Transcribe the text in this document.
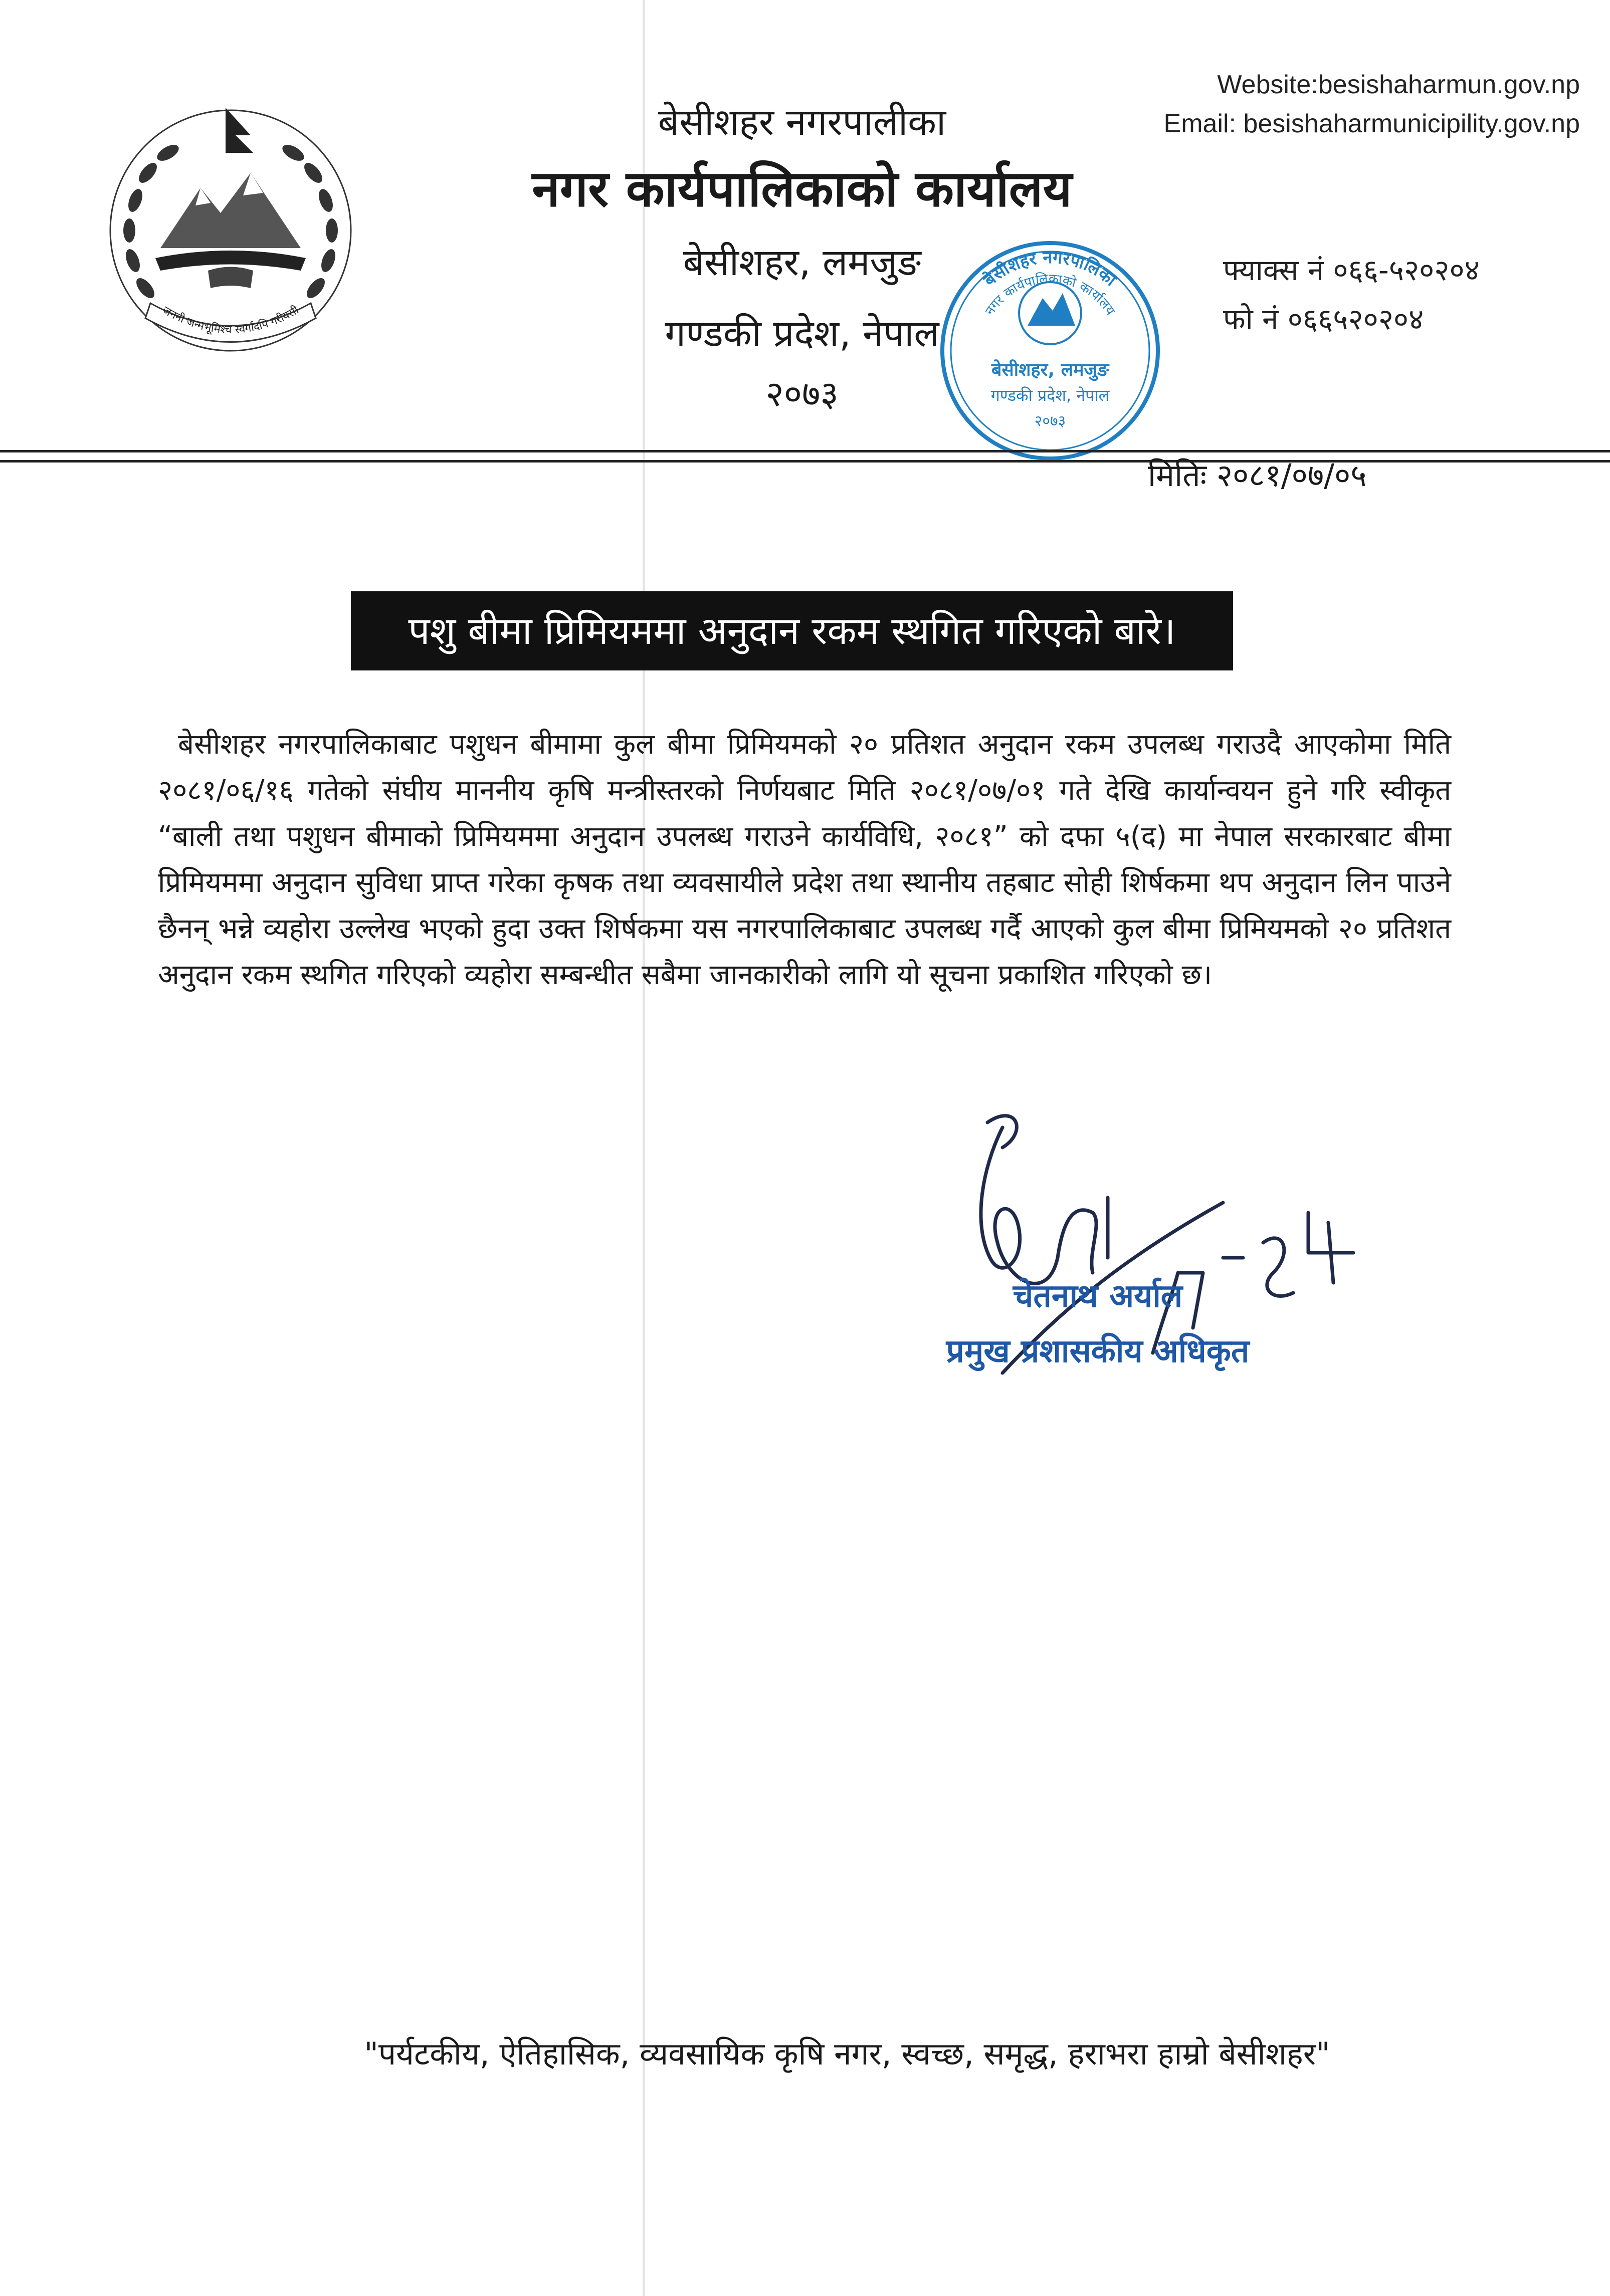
जननी जन्मभूमिश्च स्वर्गादपि गरीयसी
बेसीशहर नगरपालीका
नगर कार्यपालिकाको कार्यालय
बेसीशहर, लमजुङ
गण्डकी प्रदेश, नेपाल
२०७३
Website:besishaharmun.gov.np
Email: besishaharmunicipility.gov.np
बेसीशहर नगरपालिका
नगर कार्यपालिकाको कार्यालय
बेसीशहर, लमजुङ
गण्डकी प्रदेश, नेपाल
२०७३
फ्याक्स नं ०६६-५२०२०४
फो नं ०६६५२०२०४
मितिः २०८१/०७/०५
पशु बीमा प्रिमियममा अनुदान रकम स्थगित गरिएको बारे।
बेसीशहर नगरपालिकाबाट पशुधन बीमामा कुल बीमा प्रिमियमको २० प्रतिशत अनुदान रकम उपलब्ध गराउदै आएकोमा मिति २०८१/०६/१६ गतेको संघीय माननीय कृषि मन्त्रीस्तरको निर्णयबाट मिति २०८१/०७/०१ गते देखि कार्यान्वयन हुने गरि स्वीकृत “बाली तथा पशुधन बीमाको प्रिमियममा अनुदान उपलब्ध गराउने कार्यविधि, २०८१” को दफा ५(द) मा नेपाल सरकारबाट बीमा प्रिमियममा अनुदान सुविधा प्राप्त गरेका कृषक तथा व्यवसायीले प्रदेश तथा स्थानीय तहबाट सोही शिर्षकमा थप अनुदान लिन पाउने छैनन् भन्ने व्यहोरा उल्लेख भएको हुदा उक्त शिर्षकमा यस नगरपालिकाबाट उपलब्ध गर्दै आएको कुल बीमा प्रिमियमको २० प्रतिशत अनुदान रकम स्थगित गरिएको व्यहोरा सम्बन्धीत सबैमा जानकारीको लागि यो सूचना प्रकाशित गरिएको छ।
चेतनाथ अर्याल
प्रमुख प्रशासकीय अधिकृत
"पर्यटकीय, ऐतिहासिक, व्यवसायिक कृषि नगर, स्वच्छ, समृद्ध, हराभरा हाम्रो बेसीशहर"
